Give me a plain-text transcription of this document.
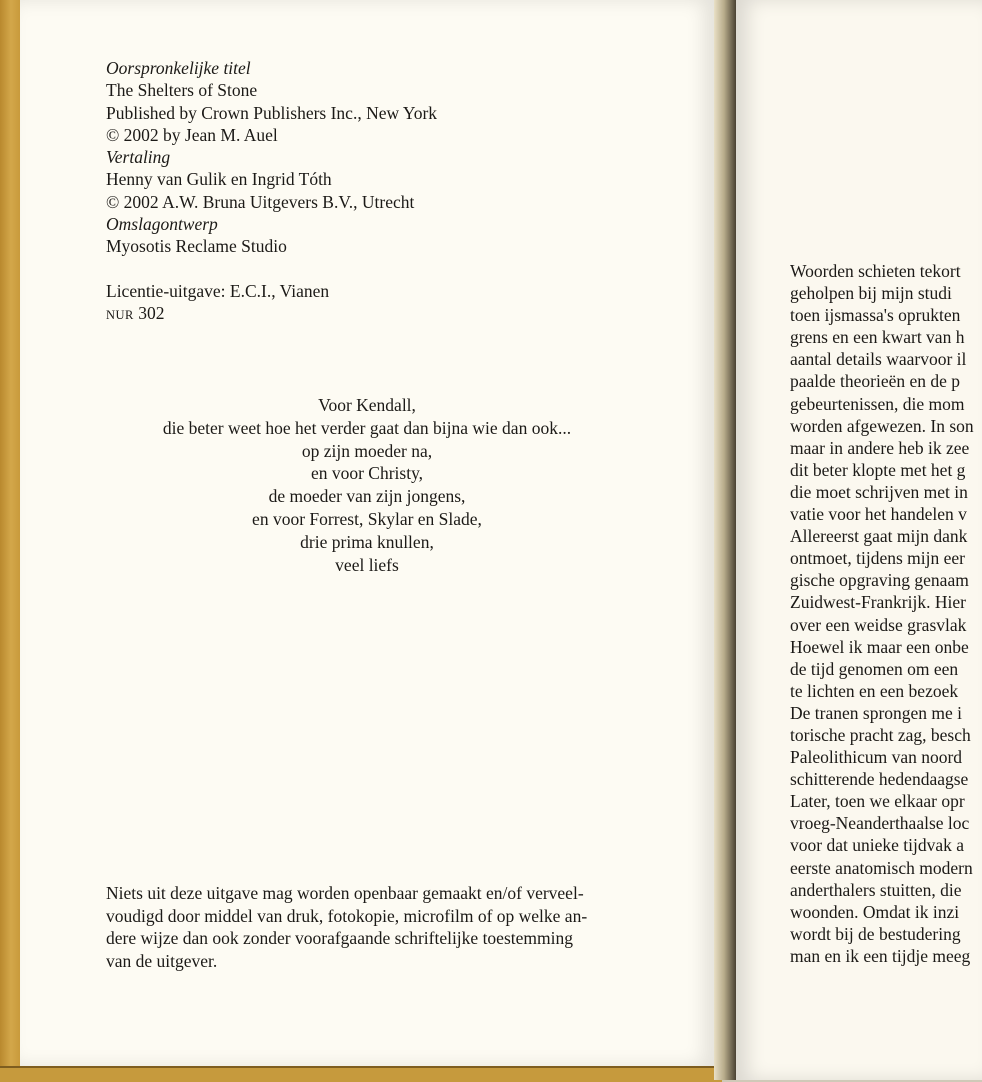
Oorspronkelijke titel
The Shelters of Stone
Published by Crown Publishers Inc., New York
© 2002 by Jean M. Auel
Vertaling
Henny van Gulik en Ingrid Tóth
© 2002 A.W. Bruna Uitgevers B.V., Utrecht
Omslagontwerp
Myosotis Reclame Studio
Licentie-uitgave: E.C.I., Vianen
NUR 302
Voor Kendall,
die beter weet hoe het verder gaat dan bijna wie dan ook...
op zijn moeder na,
en voor Christy,
de moeder van zijn jongens,
en voor Forrest, Skylar en Slade,
drie prima knullen,
veel liefs
Niets uit deze uitgave mag worden openbaar gemaakt en/of verveel-
voudigd door middel van druk, fotokopie, microfilm of op welke an-
dere wijze dan ook zonder voorafgaande schriftelijke toestemming
van de uitgever.
Woorden schieten tekort
geholpen bij mijn studi
toen ijsmassa's oprukten
grens en een kwart van h
aantal details waarvoor il
paalde theorieën en de p
gebeurtenissen, die mom
worden afgewezen. In son
maar in andere heb ik zee
dit beter klopte met het g
die moet schrijven met in
vatie voor het handelen v
Allereerst gaat mijn dank
ontmoet, tijdens mijn eer
gische opgraving genaam
Zuidwest-Frankrijk. Hier
over een weidse grasvlak
Hoewel ik maar een onbe
de tijd genomen om een
te lichten en een bezoek
De tranen sprongen me i
torische pracht zag, besch
Paleolithicum van noord
schitterende hedendaagse
Later, toen we elkaar opr
vroeg-Neanderthaalse loc
voor dat unieke tijdvak a
eerste anatomisch modern
anderthalers stuitten, die
woonden. Omdat ik inzi
wordt bij de bestudering
man en ik een tijdje meeg
